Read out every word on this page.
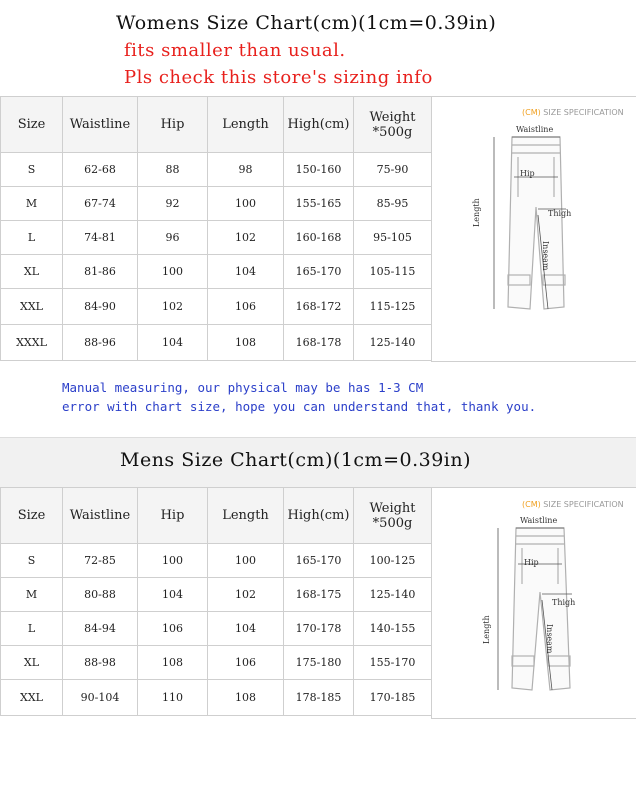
Womens Size Chart(cm)(1cm=0.39in)
fits smaller than usual.
Pls check this store's sizing info
Size	Waistline	Hip	Length	High(cm)	Weight *500g
S	62-68	88	98	150-160	75-90
M	67-74	92	100	155-165	85-95
L	74-81	96	102	160-168	95-105
XL	81-86	100	104	165-170	105-115
XXL	84-90	102	106	168-172	115-125
XXXL	88-96	104	108	168-178	125-140
(CM) SIZE SPECIFICATION
Waistline
Hip
Thigh
Length
Inseam
Manual measuring, our physical may be has 1-3 CM
error with chart size, hope you can understand that, thank you.
Mens Size Chart(cm)(1cm=0.39in)
Size	Waistline	Hip	Length	High(cm)	Weight *500g
S	72-85	100	100	165-170	100-125
M	80-88	104	102	168-175	125-140
L	84-94	106	104	170-178	140-155
XL	88-98	108	106	175-180	155-170
XXL	90-104	110	108	178-185	170-185
(CM) SIZE SPECIFICATION
Waistline
Hip
Thigh
Length	Inseam
